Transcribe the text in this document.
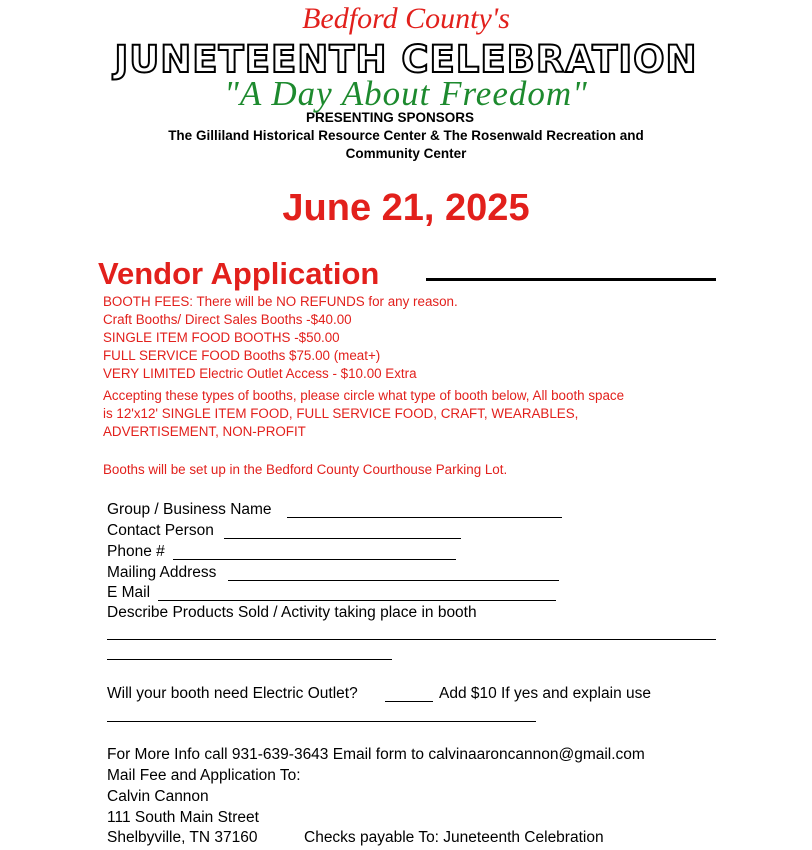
Bedford County's
JUNETEENTH CELEBRATION
"A Day About Freedom"
PRESENTING SPONSORS
The Gilliland Historical Resource Center & The Rosenwald Recreation and
Community Center
June 21, 2025
Vendor Application
BOOTH FEES: There will be NO REFUNDS for any reason.
Craft Booths/ Direct Sales Booths -$40.00
SINGLE ITEM FOOD BOOTHS -$50.00
FULL SERVICE FOOD Booths $75.00 (meat+)
VERY LIMITED Electric Outlet Access - $10.00 Extra
Accepting these types of booths, please circle what type of booth below, All booth space
is 12'x12' SINGLE ITEM FOOD, FULL SERVICE FOOD, CRAFT, WEARABLES,
ADVERTISEMENT, NON-PROFIT
Booths will be set up in the Bedford County Courthouse Parking Lot.
Group / Business Name
Contact Person
Phone #
Mailing Address
E Mail
Describe Products Sold / Activity taking place in booth
Will your booth need Electric Outlet?	Add $10 If yes and explain use
For More Info call 931-639-3643 Email form to calvinaaroncannon@gmail.com
Mail Fee and Application To:
Calvin Cannon
111 South Main Street
Shelbyville, TN 37160	Checks payable To: Juneteenth Celebration
